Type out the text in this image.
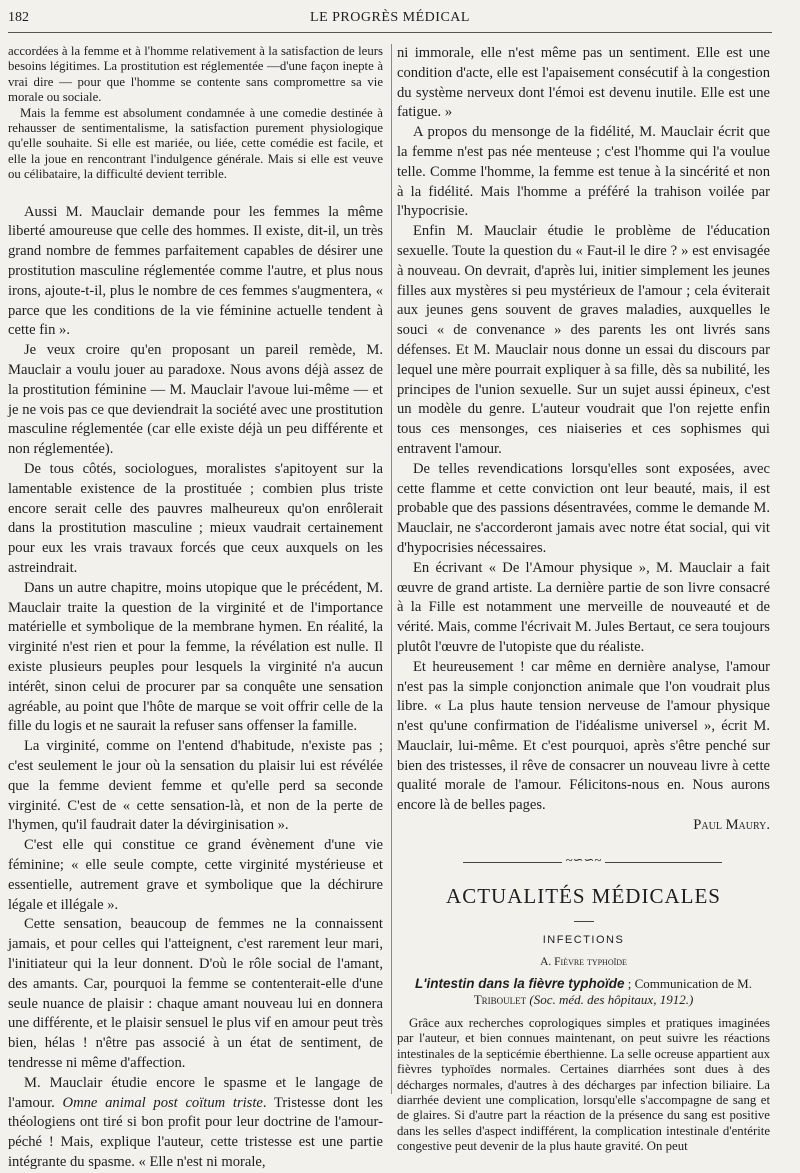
182	LE PROGRÈS MÉDICAL

accordées à la femme et à l'homme relativement à la satisfaction de leurs besoins légitimes. La prostitution est réglementée —d'une façon inepte à vrai dire — pour que l'homme se contente sans compromettre sa vie morale ou sociale.

Mais la femme est absolument condamnée à une comedie destinée à rehausser de sentimentalisme, la satisfaction purement physiologique qu'elle souhaite. Si elle est mariée, ou liée, cette comédie est facile, et elle la joue en rencontrant l'indulgence générale. Mais si elle est veuve ou célibataire, la difficulté devient terrible.

Aussi M. Mauclair demande pour les femmes la même liberté amoureuse que celle des hommes. Il existe, dit-il, un très grand nombre de femmes parfaitement capables de désirer une prostitution masculine réglementée comme l'autre, et plus nous irons, ajoute-t-il, plus le nombre de ces femmes s'augmentera, « parce que les conditions de la vie féminine actuelle tendent à cette fin ».

Je veux croire qu'en proposant un pareil remède, M. Mauclair a voulu jouer au paradoxe. Nous avons déjà assez de la prostitution féminine — M. Mauclair l'avoue lui-même — et je ne vois pas ce que deviendrait la société avec une prostitution masculine réglementée (car elle existe déjà un peu différente et non réglementée).

De tous côtés, sociologues, moralistes s'apitoyent sur la lamentable existence de la prostituée ; combien plus triste encore serait celle des pauvres malheureux qu'on enrôlerait dans la prostitution masculine ; mieux vaudrait certainement pour eux les vrais travaux forcés que ceux auxquels on les astreindrait.

Dans un autre chapitre, moins utopique que le précédent, M. Mauclair traite la question de la virginité et de l'importance matérielle et symbolique de la membrane hymen. En réalité, la virginité n'est rien et pour la femme, la révélation est nulle. Il existe plusieurs peuples pour lesquels la virginité n'a aucun intérêt, sinon celui de procurer par sa conquête une sensation agréable, au point que l'hôte de marque se voit offrir celle de la fille du logis et ne saurait la refuser sans offenser la famille.

La virginité, comme on l'entend d'habitude, n'existe pas ; c'est seulement le jour où la sensation du plaisir lui est révélée que la femme devient femme et qu'elle perd sa seconde virginité. C'est de « cette sensation-là, et non de la perte de l'hymen, qu'il faudrait dater la dévirginisation ».

C'est elle qui constitue ce grand évènement d'une vie féminine; « elle seule compte, cette virginité mystérieuse et essentielle, autrement grave et symbolique que la déchirure légale et illégale ».

Cette sensation, beaucoup de femmes ne la connaissent jamais, et pour celles qui l'atteignent, c'est rarement leur mari, l'initiateur qui la leur donnent. D'où le rôle social de l'amant, des amants. Car, pourquoi la femme se contenterait-elle d'une seule nuance de plaisir : chaque amant nouveau lui en donnera une différente, et le plaisir sensuel le plus vif en amour peut très bien, hélas ! n'être pas associé à un état de sentiment, de tendresse ni même d'affection.

M. Mauclair étudie encore le spasme et le langage de l'amour. Omne animal post coïtum triste. Tristesse dont les théologiens ont tiré si bon profit pour leur doctrine de l'amour-péché ! Mais, explique l'auteur, cette tristesse est une partie intégrante du spasme. « Elle n'est ni morale,

ni immorale, elle n'est même pas un sentiment. Elle est une condition d'acte, elle est l'apaisement consécutif à la congestion du système nerveux dont l'émoi est devenu inutile. Elle est une fatigue. »

A propos du mensonge de la fidélité, M. Mauclair écrit que la femme n'est pas née menteuse ; c'est l'homme qui l'a voulue telle. Comme l'homme, la femme est tenue à la sincérité et non à la fidélité. Mais l'homme a préféré la trahison voilée par l'hypocrisie.

Enfin M. Mauclair étudie le problème de l'éducation sexuelle. Toute la question du « Faut-il le dire ? » est envisagée à nouveau. On devrait, d'après lui, initier simplement les jeunes filles aux mystères si peu mystérieux de l'amour ; cela éviterait aux jeunes gens souvent de graves maladies, auxquelles le souci « de convenance » des parents les ont livrés sans défenses. Et M. Mauclair nous donne un essai du discours par lequel une mère pourrait expliquer à sa fille, dès sa nubilité, les principes de l'union sexuelle. Sur un sujet aussi épineux, c'est un modèle du genre. L'auteur voudrait que l'on rejette enfin tous ces mensonges, ces niaiseries et ces sophismes qui entravent l'amour.

De telles revendications lorsqu'elles sont exposées, avec cette flamme et cette conviction ont leur beauté, mais, il est probable que des passions désentravées, comme le demande M. Mauclair, ne s'accorderont jamais avec notre état social, qui vit d'hypocrisies nécessaires.

En écrivant « De l'Amour physique », M. Mauclair a fait œuvre de grand artiste. La dernière partie de son livre consacré à la Fille est notamment une merveille de nouveauté et de vérité. Mais, comme l'écrivait M. Jules Bertaut, ce sera toujours plutôt l'œuvre de l'utopiste que du réaliste.

Et heureusement ! car même en dernière analyse, l'amour n'est pas la simple conjonction animale que l'on voudrait plus libre. « La plus haute tension nerveuse de l'amour physique n'est qu'une confirmation de l'idéalisme universel », écrit M. Mauclair, lui-même. Et c'est pourquoi, après s'être penché sur bien des tristesses, il rêve de consacrer un nouveau livre à cette qualité morale de l'amour. Félicitons-nous en. Nous aurons encore là de belles pages.

Paul Maury.

~∽∽~
ACTUALITÉS MÉDICALES
INFECTIONS
A. Fièvre typhoïde
L'intestin dans la fièvre typhoïde ; Communication de M. Triboulet (Soc. méd. des hôpitaux, 1912.)

Grâce aux recherches coprologiques simples et pratiques imaginées par l'auteur, et bien connues maintenant, on peut suivre les réactions intestinales de la septicémie éberthienne. La selle ocreuse appartient aux fièvres typhoïdes normales. Certaines diarrhées sont dues à des décharges normales, d'autres à des décharges par infection biliaire. La diarrhée devient une complication, lorsqu'elle s'accompagne de sang et de glaires. Si d'autre part la réaction de la présence du sang est positive dans les selles d'aspect indifférent, la complication intestinale d'entérite congestive peut devenir de la plus haute gravité. On peut
